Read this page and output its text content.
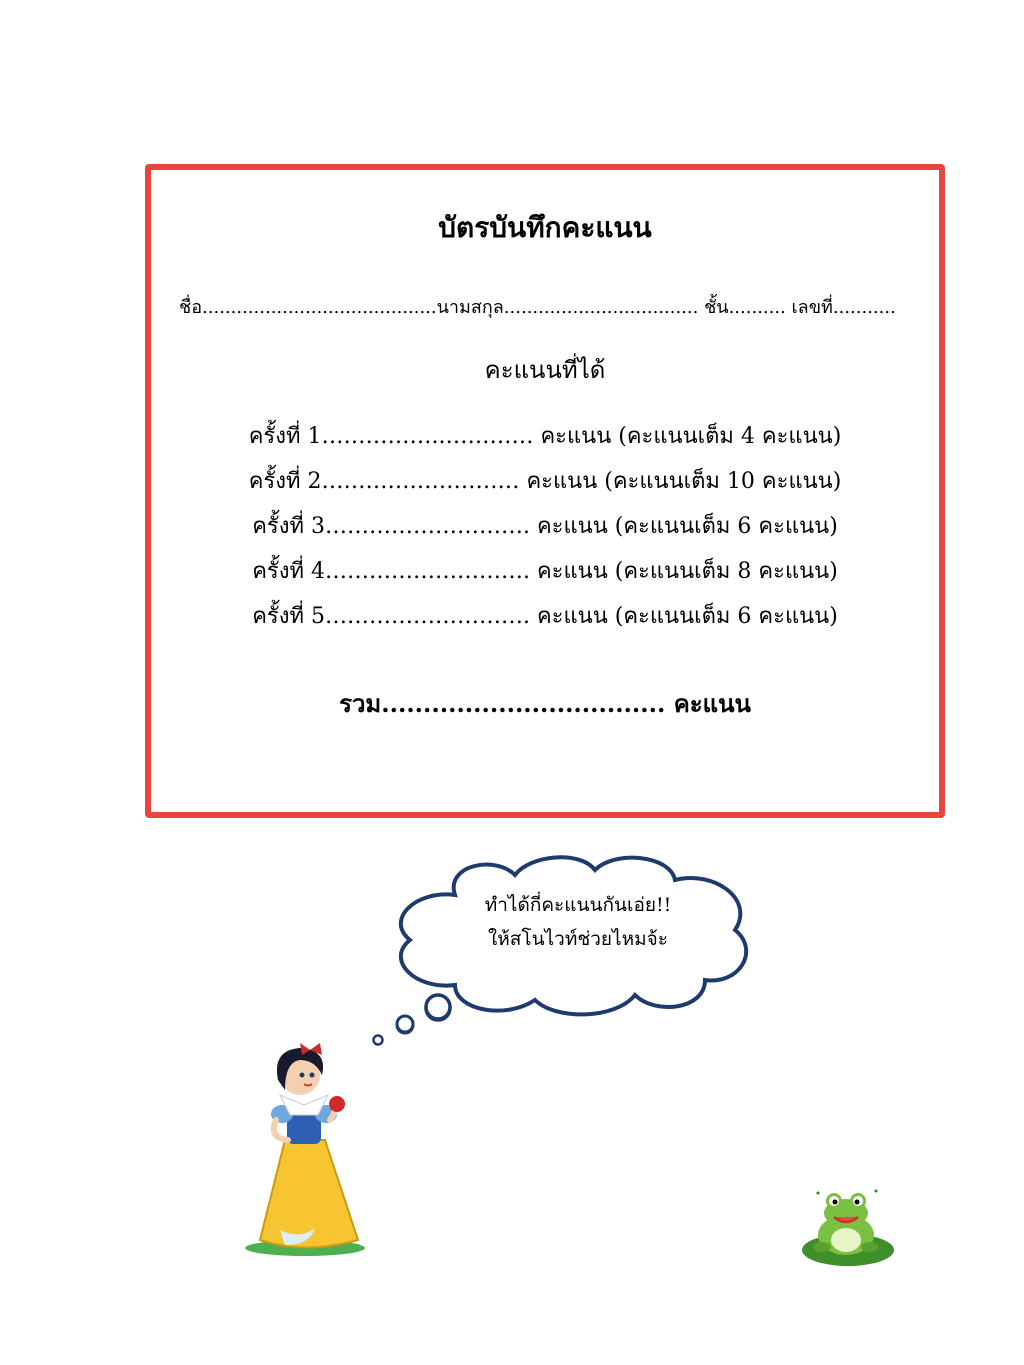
บัตรบันทึกคะแนน
ชื่อ.........................................นามสกุล.................................. ชั้น.......... เลขที่...........
คะแนนที่ได้
ครั้งที่ 1……………..………… คะแนน (คะแนนเต็ม 4 คะแนน)
ครั้งที่ 2……………………… คะแนน (คะแนนเต็ม 10 คะแนน)
ครั้งที่ 3………………………. คะแนน (คะแนนเต็ม 6 คะแนน)
ครั้งที่ 4………………………. คะแนน (คะแนนเต็ม 8 คะแนน)
ครั้งที่ 5………………………. คะแนน (คะแนนเต็ม 6 คะแนน)
รวม.................................. คะแนน
ทำได้กี่คะแนนกันเอ่ย!!
ให้สโนไวท์ช่วยไหมจ้ะ
